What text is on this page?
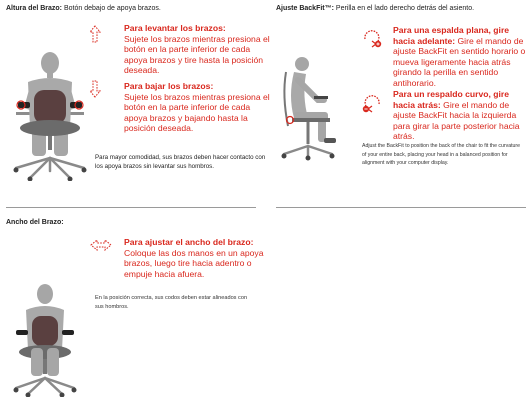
Altura del Brazo: Botón debajo de apoya brazos.
Para levantar los brazos:
Sujete los brazos mientras presiona el botón en la parte inferior de cada apoya brazos y tire hasta la posición deseada.
Para bajar los brazos:
Sujete los brazos mientras presiona el botón en la parte inferior de cada apoya brazos y bajando hasta la posición deseada.
Para mayor comodidad, sus brazos deben hacer contacto con los apoya brazos sin levantar sus hombros.
Ajuste BackFit™: Perilla en el lado derecho detrás del asiento.
Para una espalda plana, gire hacia adelante: Gire el mando de ajuste BackFit en sentido horario o mueva ligeramente hacia atrás girando la perilla en sentido antihorario.
Para un respaldo curvo, gire hacia atrás: Gire el mando de ajuste BackFit hacia la izquierda para girar la parte posterior hacia atrás.
Adjust the BackFit to position the back of the chair to fit the curvature of your entire back, placing your head in a balanced position for alignment with your computer display.
Ancho del Brazo:
Para ajustar el ancho del brazo:
Coloque las dos manos en un apoya brazos, luego tire hacia adentro o empuje hacia afuera.
En la posición correcta, sus codos deben estar alineados con sus hombros.
